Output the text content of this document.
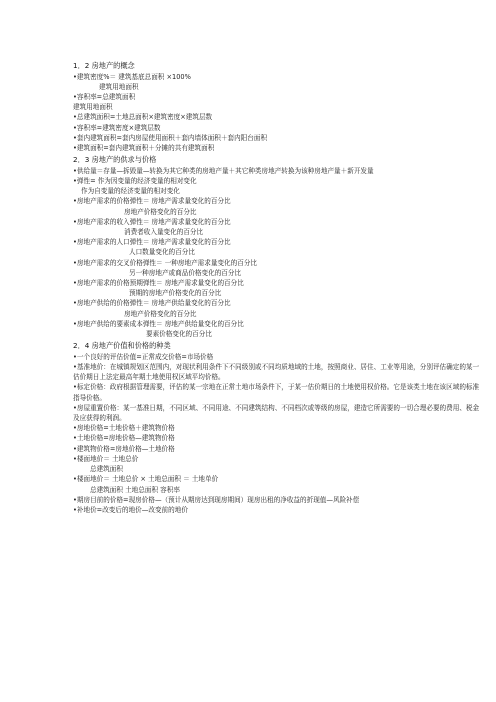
1．2 房地产的概念

•建筑密度%＝ 建筑基底总面积 ×100%

建筑用地面积

•容积率=总建筑面积

建筑用地面积

•总建筑面积=土地总面积×建筑密度×建筑层数

•容积率=建筑密度×建筑层数

•套内建筑面积=套内房屋使用面积＋套内墙体面积＋套内阳台面积

•建筑面积=套内建筑面积＋分摊的共有建筑面积

2．3 房地产的供求与价格

•供给量＝存量—拆毁量—转换为其它种类的房地产量＋其它种类房地产转换为该种房地产量＋新开发量

•弹性= 作为因变量的经济变量的相对变化

作为自变量的经济变量的相对变化

•房地产需求的价格弹性＝ 房地产需求量变化的百分比

房地产价格变化的百分比

•房地产需求的收入弹性＝ 房地产需求量变化的百分比

消费者收入量变化的百分比

•房地产需求的人口弹性＝ 房地产需求量变化的百分比

人口数量变化的百分比

•房地产需求的交叉价格弹性＝ 一种房地产需求量变化的百分比

另一种房地产或商品价格变化的百分比

•房地产需求的价格预期弹性＝ 房地产需求量变化的百分比

预期的房地产价格变化的百分比

•房地产供给的价格弹性＝ 房地产供给量变化的百分比

房地产价格变化的百分比

•房地产供给的要素成本弹性＝ 房地产供给量变化的百分比

要素价格变化的百分比

2．4 房地产价值和价格的种类

•一个良好的评估价值=正常成交价格=市场价格

•基准地价：在城镇规划区范围内，对现状利用条件下不同级别或不同均质地域的土地，按照商业、居住、工业等用途，分别评估确定的某一估价期日上法定最高年期土地使用权区域平均价格。

•标定价格：政府根据管理需要，评估的某一宗地在正常土地市场条件下，于某一估价期日的土地使用权价格。它是该类土地在该区域的标准指导价格。

•房屋重置价格：某一基准日期，不同区域、不同用途、不同建筑结构、不同档次或等级的房屋，建造它所需要的一切合理必要的费用、税金及应获得的利润。

•房地价格=土地价格＋建筑物价格

•土地价格=房地价格—建筑物价格

•建筑物价格=房地价格—土地价格

•楼面地价＝ 土地总价

总建筑面积

•楼面地价＝ 土地总价 × 土地总面积 ＝ 土地单价

总建筑面积 土地总面积 容积率

•期房目前的价格=现房价格—（预计从期房达到现房期间）现房出租的净收益的折现值—风险补偿

•补地价=改变后的地价—改变前的地价
